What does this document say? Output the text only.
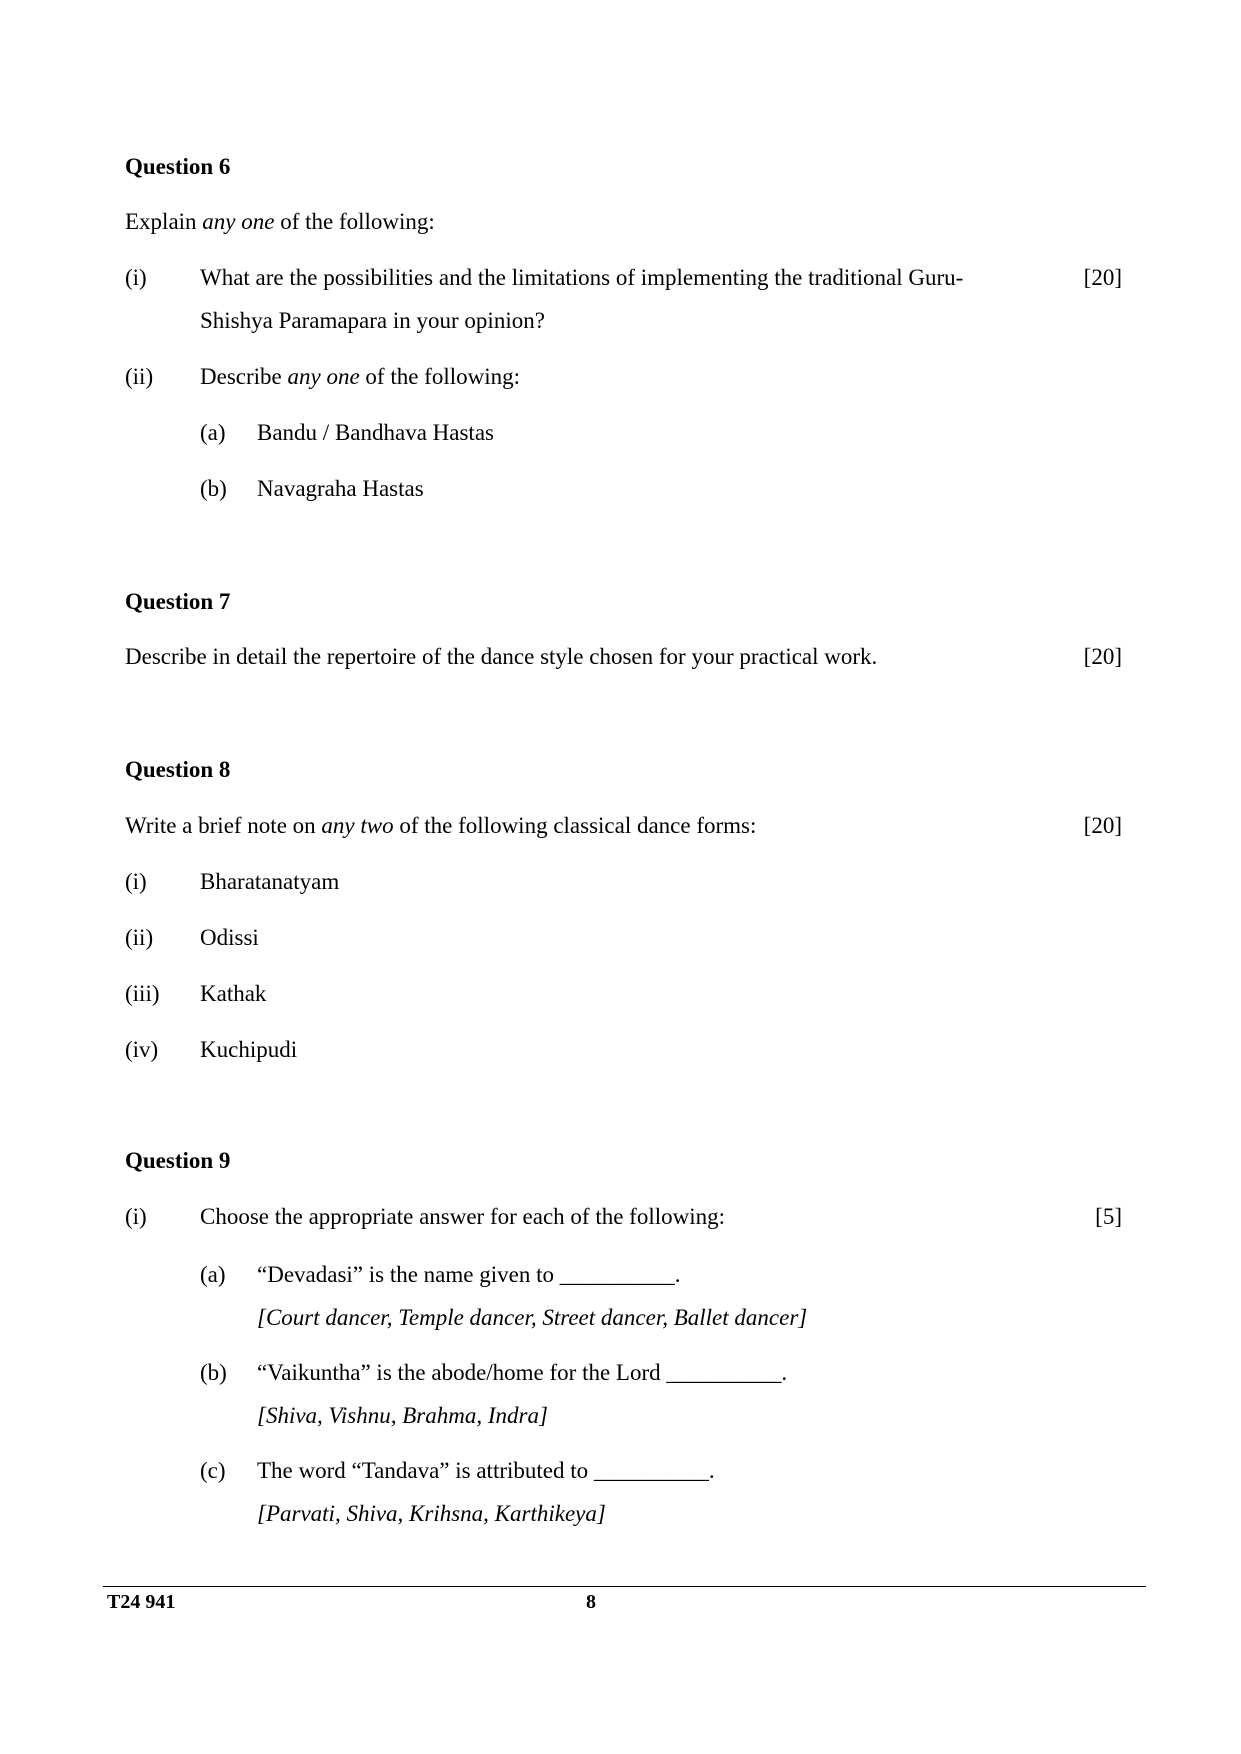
Question 6
Explain any one of the following:
(i) What are the possibilities and the limitations of implementing the traditional Guru-	[20]
Shishya Paramapara in your opinion?
(ii) Describe any one of the following:
(a) Bandu / Bandhava Hastas
(b) Navagraha Hastas
Question 7
Describe in detail the repertoire of the dance style chosen for your practical work.	[20]
Question 8
Write a brief note on any two of the following classical dance forms:	[20]
(i) Bharatanatyam
(ii) Odissi
(iii) Kathak
(iv) Kuchipudi
Question 9
(i) Choose the appropriate answer for each of the following:	[5]
(a) “Devadasi” is the name given to __________.
[Court dancer, Temple dancer, Street dancer, Ballet dancer]
(b) “Vaikuntha” is the abode/home for the Lord __________.
[Shiva, Vishnu, Brahma, Indra]
(c) The word “Tandava” is attributed to __________.
[Parvati, Shiva, Krihsna, Karthikeya]
T24 941	8
